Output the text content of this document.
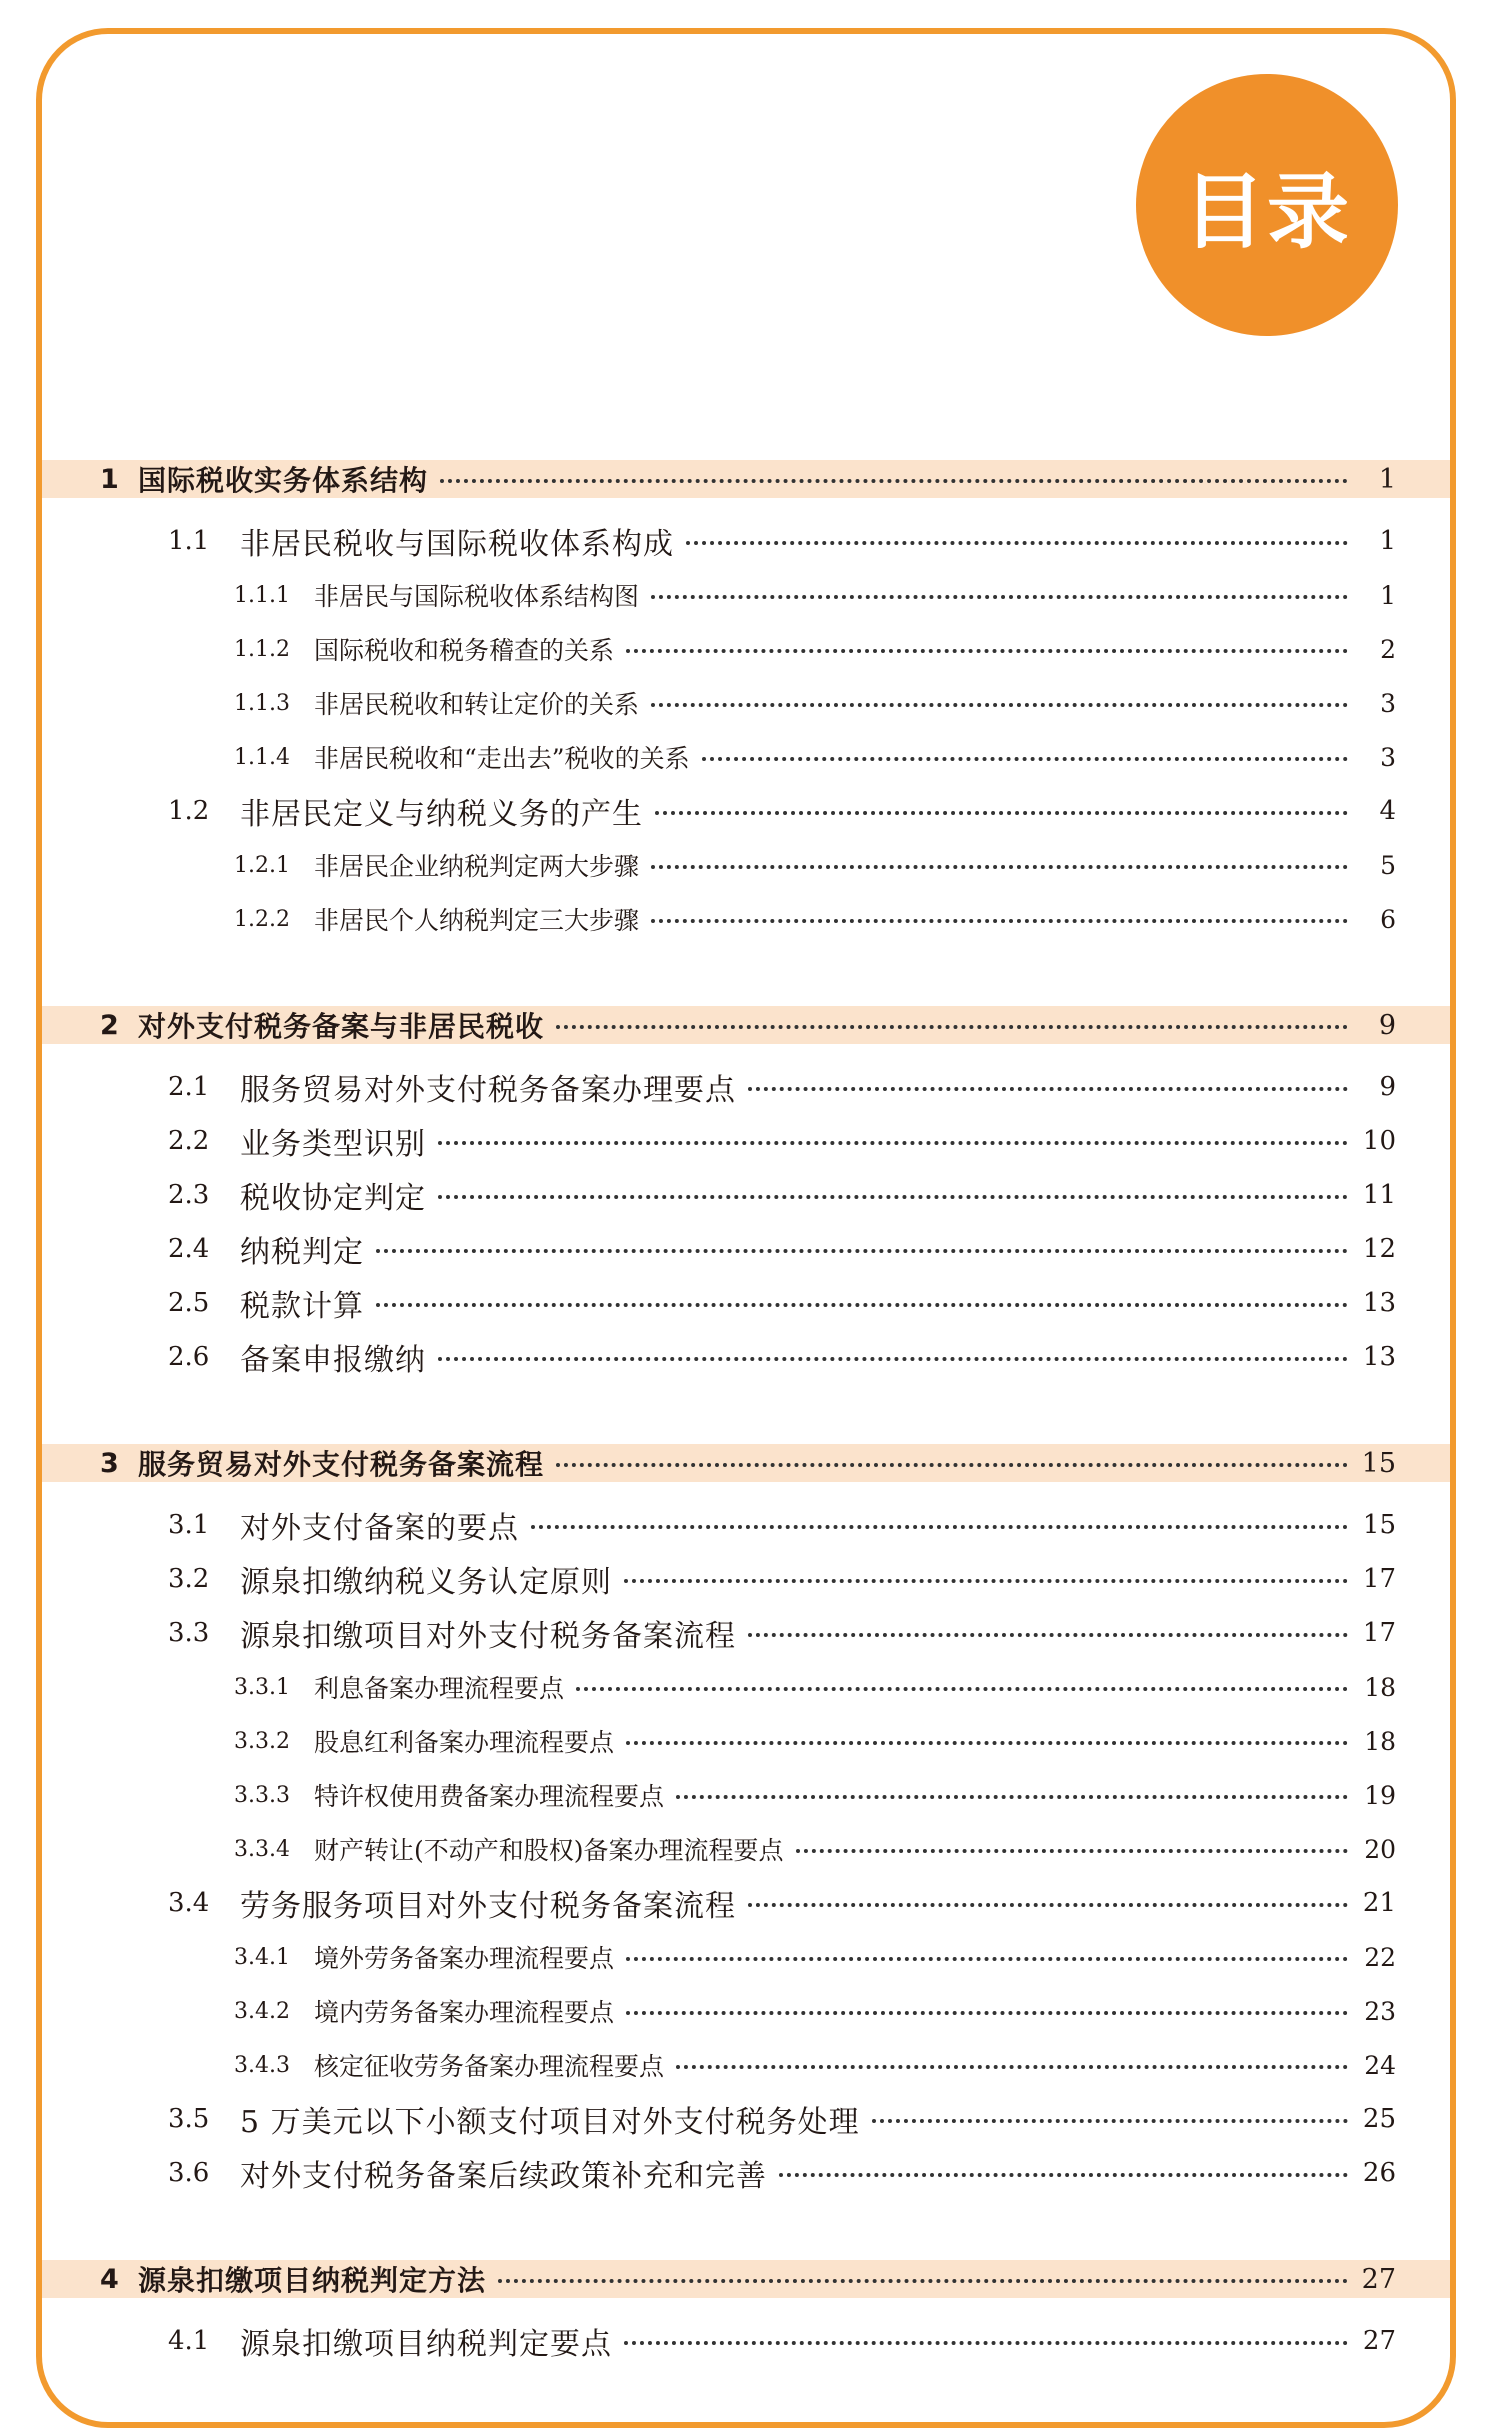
目录
1 国际税收实务体系结构	1
1.1	非居民税收与国际税收体系构成	1
1.1.1 非居民与国际税收体系结构图	1
1.1.2 国际税收和税务稽查的关系	2
1.1.3 非居民税收和转让定价的关系	3
1.1.4 非居民税收和“走出去”税收的关系	3
1.2	非居民定义与纳税义务的产生	4
1.2.1 非居民企业纳税判定两大步骤	5
1.2.2 非居民个人纳税判定三大步骤	6
2 对外支付税务备案与非居民税收	9
2.1	服务贸易对外支付税务备案办理要点	9
2.2	业务类型识别	10
2.3	税收协定判定	11
2.4	纳税判定	12
2.5	税款计算	13
2.6	备案申报缴纳	13
3 服务贸易对外支付税务备案流程	15
3.1	对外支付备案的要点	15
3.2	源泉扣缴纳税义务认定原则	17
3.3	源泉扣缴项目对外支付税务备案流程	17
3.3.1 利息备案办理流程要点	18
3.3.2 股息红利备案办理流程要点	18
3.3.3 特许权使用费备案办理流程要点	19
3.3.4 财产转让(不动产和股权)备案办理流程要点	20
3.4	劳务服务项目对外支付税务备案流程	21
3.4.1 境外劳务备案办理流程要点	22
3.4.2 境内劳务备案办理流程要点	23
3.4.3 核定征收劳务备案办理流程要点	24
3.5	5 万美元以下小额支付项目对外支付税务处理	25
3.6	对外支付税务备案后续政策补充和完善	26
4 源泉扣缴项目纳税判定方法	27
4.1	源泉扣缴项目纳税判定要点	27
